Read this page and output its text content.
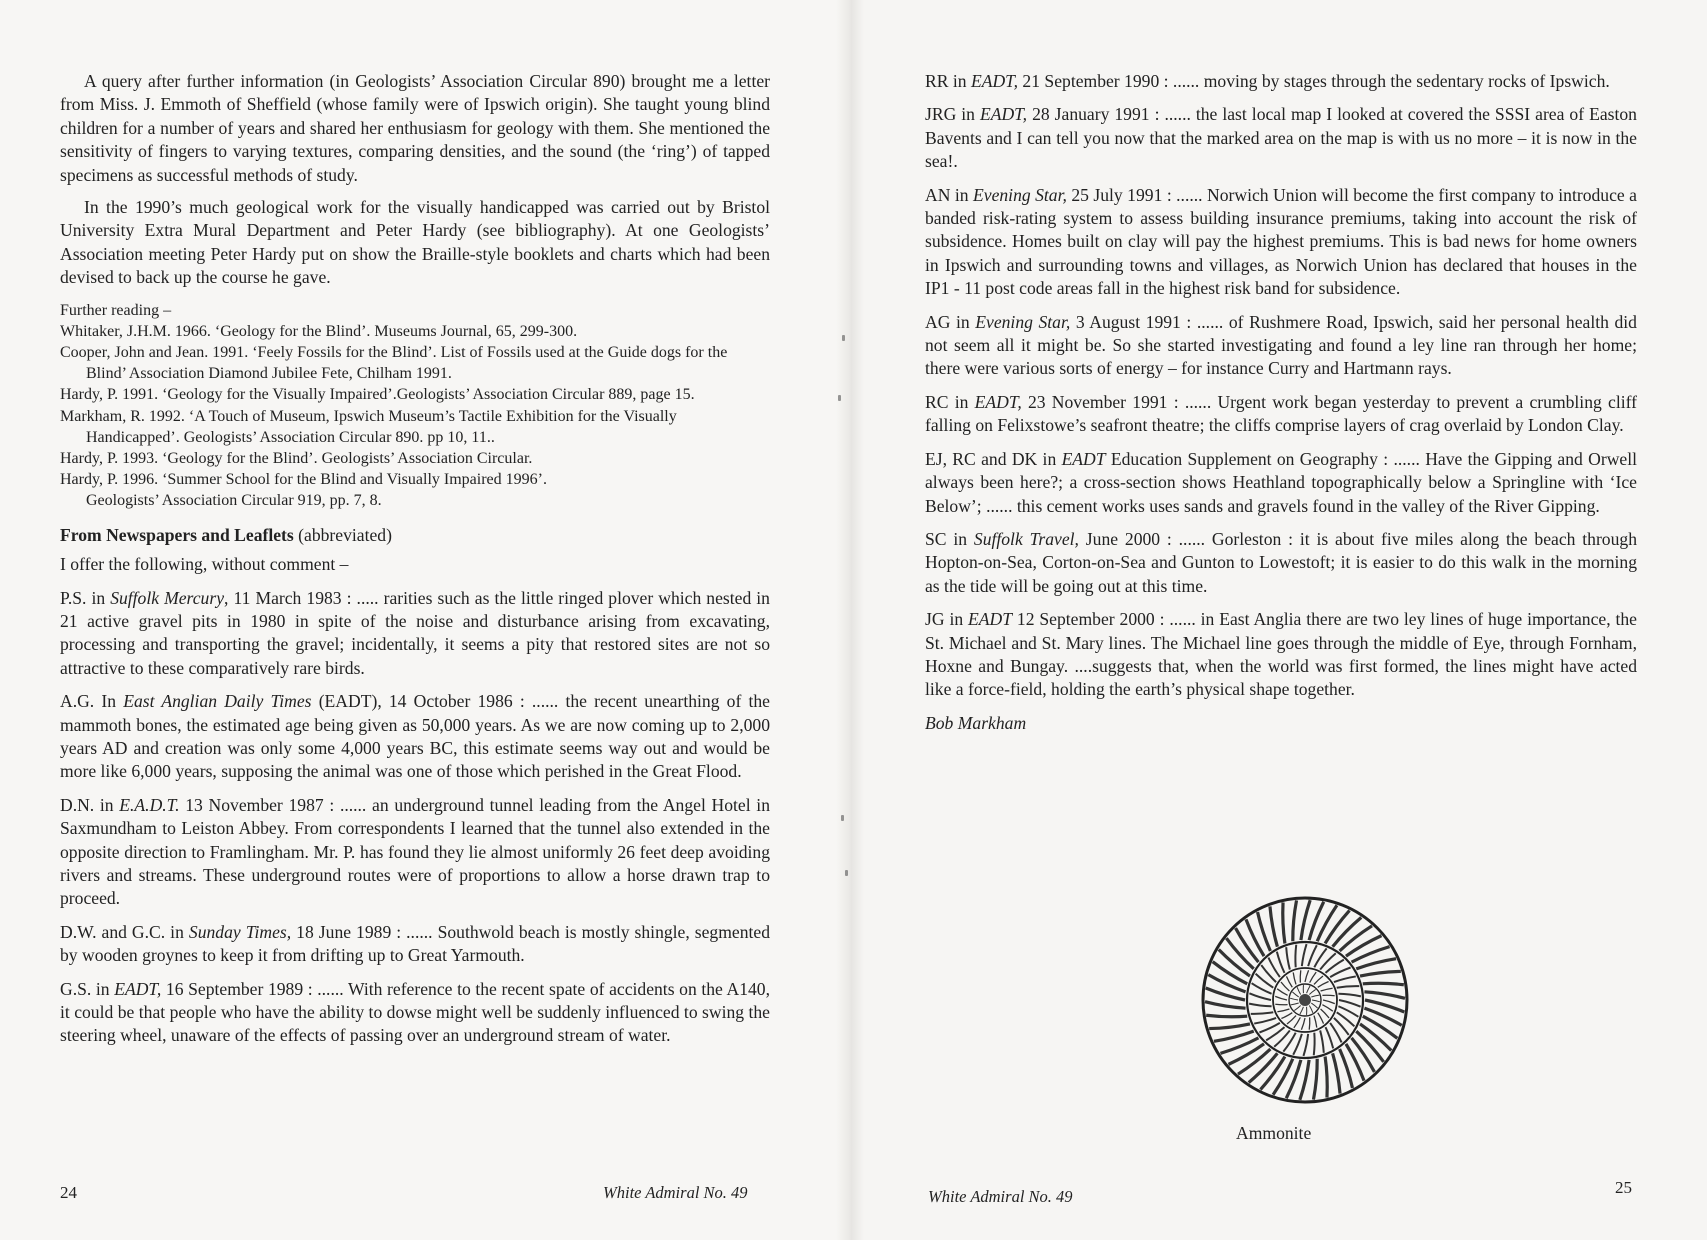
A query after further information (in Geologists’ Association Circular 890) brought me a letter from Miss. J. Emmoth of Sheffield (whose family were of Ipswich origin). She taught young blind children for a number of years and shared her enthusiasm for geology with them. She mentioned the sensitivity of fingers to varying textures, comparing densities, and the sound (the ‘ring’) of tapped specimens as successful methods of study.

In the 1990’s much geological work for the visually handicapped was carried out by Bristol University Extra Mural Department and Peter Hardy (see bibliography). At one Geologists’ Association meeting Peter Hardy put on show the Braille-style booklets and charts which had been devised to back up the course he gave.

Further reading –
Whitaker, J.H.M. 1966. ‘Geology for the Blind’. Museums Journal, 65, 299-300.
Cooper, John and Jean. 1991. ‘Feely Fossils for the Blind’. List of Fossils used at the Guide dogs for the Blind’ Association Diamond Jubilee Fete, Chilham 1991.
Hardy, P. 1991. ‘Geology for the Visually Impaired’.Geologists’ Association Circular 889, page 15.
Markham, R. 1992. ‘A Touch of Museum, Ipswich Museum’s Tactile Exhibition for the Visually Handicapped’. Geologists’ Association Circular 890. pp 10, 11..
Hardy, P. 1993. ‘Geology for the Blind’. Geologists’ Association Circular.
Hardy, P. 1996. ‘Summer School for the Blind and Visually Impaired 1996’.
Geologists’ Association Circular 919, pp. 7, 8.
From Newspapers and Leaflets (abbreviated)

I offer the following, without comment –

P.S. in Suffolk Mercury, 11 March 1983 : ..... rarities such as the little ringed plover which nested in 21 active gravel pits in 1980 in spite of the noise and disturbance arising from excavating, processing and transporting the gravel; incidentally, it seems a pity that restored sites are not so attractive to these comparatively rare birds.

A.G. In East Anglian Daily Times (EADT), 14 October 1986 : ...... the recent unearthing of the mammoth bones, the estimated age being given as 50,000 years. As we are now coming up to 2,000 years AD and creation was only some 4,000 years BC, this estimate seems way out and would be more like 6,000 years, supposing the animal was one of those which perished in the Great Flood.

D.N. in E.A.D.T. 13 November 1987 : ...... an underground tunnel leading from the Angel Hotel in Saxmundham to Leiston Abbey. From correspondents I learned that the tunnel also extended in the opposite direction to Framlingham. Mr. P. has found they lie almost uniformly 26 feet deep avoiding rivers and streams. These underground routes were of proportions to allow a horse drawn trap to proceed.

D.W. and G.C. in Sunday Times, 18 June 1989 : ...... Southwold beach is mostly shingle, segmented by wooden groynes to keep it from drifting up to Great Yarmouth.

G.S. in EADT, 16 September 1989 : ...... With reference to the recent spate of accidents on the A140, it could be that people who have the ability to dowse might well be suddenly influenced to swing the steering wheel, unaware of the effects of passing over an underground stream of water.

24	White Admiral No. 49

RR in EADT, 21 September 1990 : ...... moving by stages through the sedentary rocks of Ipswich.

JRG in EADT, 28 January 1991 : ...... the last local map I looked at covered the SSSI area of Easton Bavents and I can tell you now that the marked area on the map is with us no more – it is now in the sea!.

AN in Evening Star, 25 July 1991 : ...... Norwich Union will become the first company to introduce a banded risk-rating system to assess building insurance premiums, taking into account the risk of subsidence. Homes built on clay will pay the highest premiums. This is bad news for home owners in Ipswich and surrounding towns and villages, as Norwich Union has declared that houses in the IP1 - 11 post code areas fall in the highest risk band for subsidence.

AG in Evening Star, 3 August 1991 : ...... of Rushmere Road, Ipswich, said her personal health did not seem all it might be. So she started investigating and found a ley line ran through her home; there were various sorts of energy – for instance Curry and Hartmann rays.

RC in EADT, 23 November 1991 : ...... Urgent work began yesterday to prevent a crumbling cliff falling on Felixstowe’s seafront theatre; the cliffs comprise layers of crag overlaid by London Clay.

EJ, RC and DK in EADT Education Supplement on Geography : ...... Have the Gipping and Orwell always been here?; a cross-section shows Heathland topographically below a Springline with ‘Ice Below’; ...... this cement works uses sands and gravels found in the valley of the River Gipping.

SC in Suffolk Travel, June 2000 : ...... Gorleston : it is about five miles along the beach through Hopton-on-Sea, Corton-on-Sea and Gunton to Lowestoft; it is easier to do this walk in the morning as the tide will be going out at this time.

JG in EADT 12 September 2000 : ...... in East Anglia there are two ley lines of huge importance, the St. Michael and St. Mary lines. The Michael line goes through the middle of Eye, through Fornham, Hoxne and Bungay. ....suggests that, when the world was first formed, the lines might have acted like a force-field, holding the earth’s physical shape together.

Bob Markham

Ammonite
White Admiral No. 49	25
